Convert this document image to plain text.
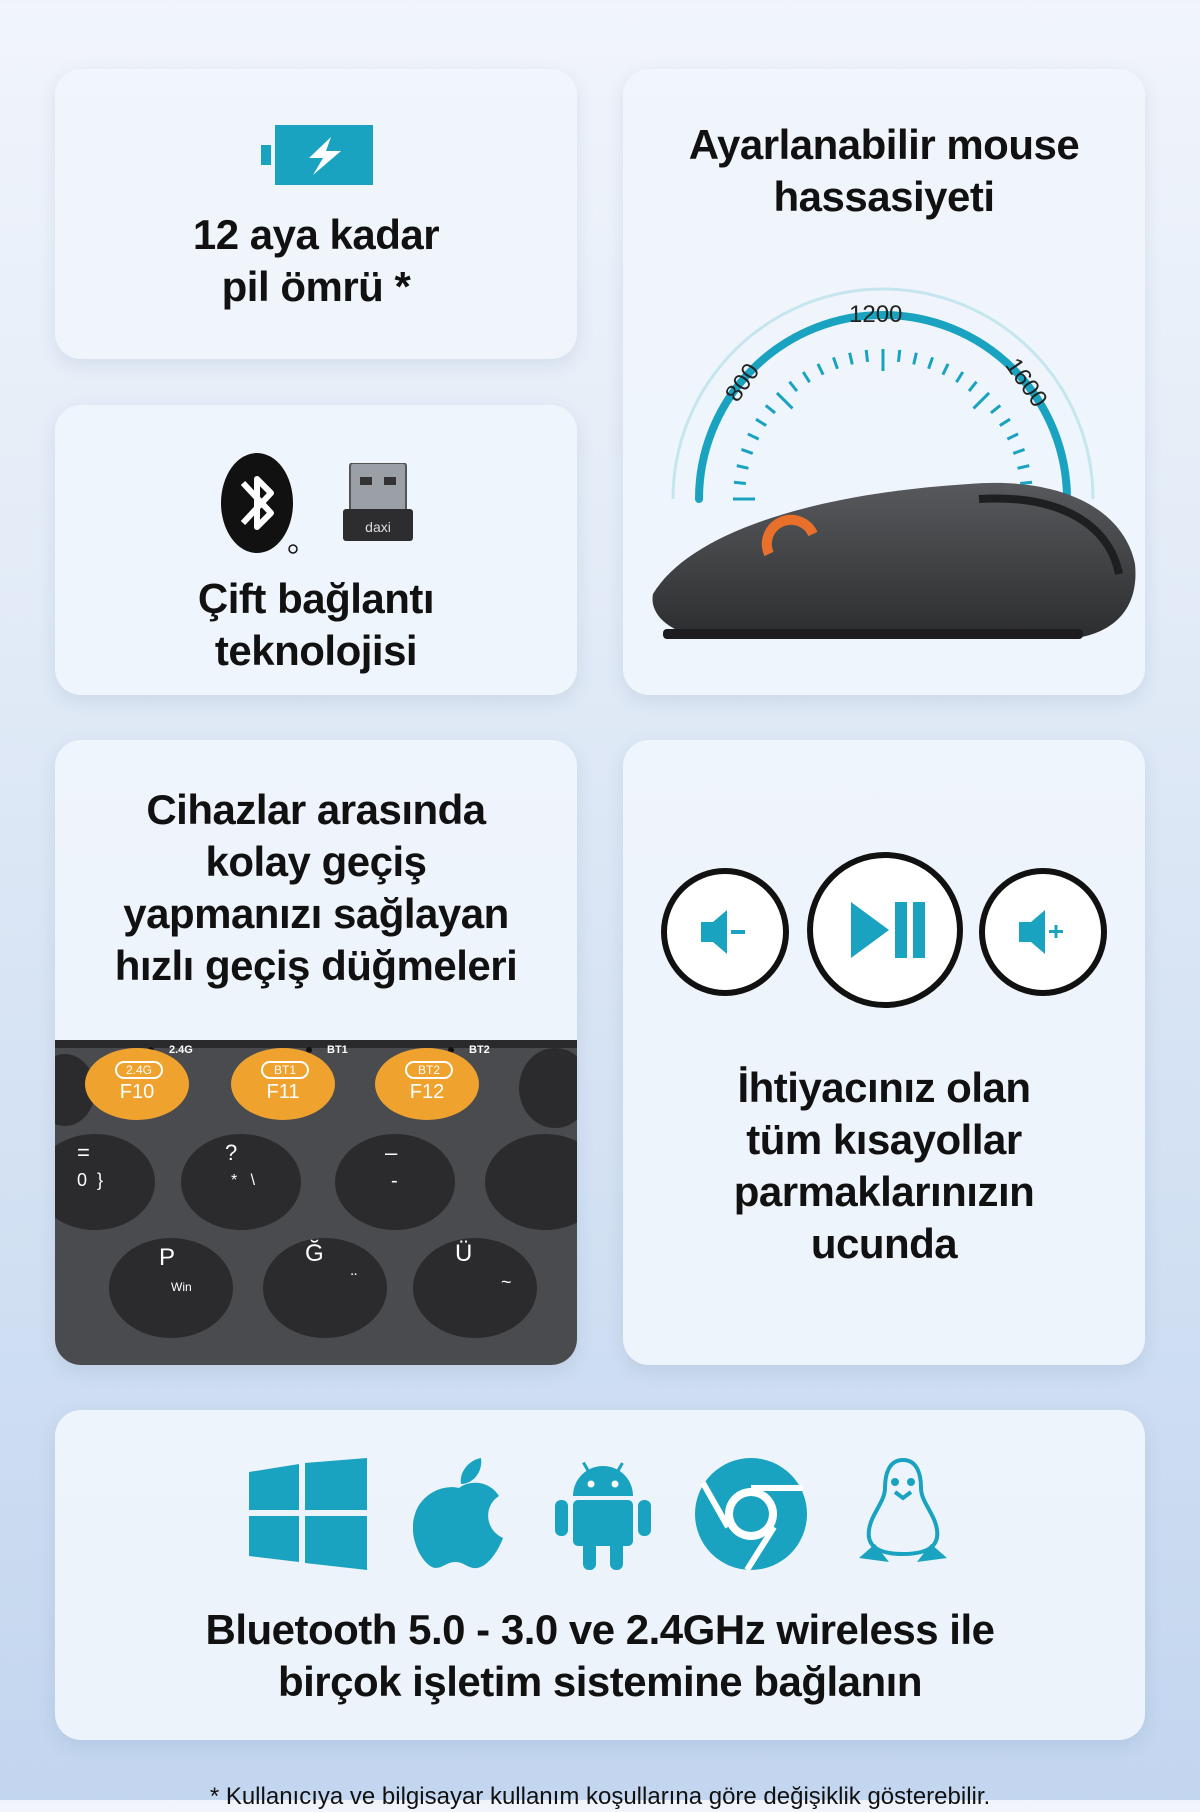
12 aya kadar
pil ömrü *
daxi
Çift bağlantı
teknolojisi
Ayarlanabilir mouse
hassasiyeti
800
1200
1600
Cihazlar arasında
kolay geçiş
yapmanızı sağlayan
hızlı geçiş düğmeleri
2.4G	BT1	BT2
2.4G
F10
BT1
F11
BT2
F12
=
0  }
?
*   \
–
-
P
Win
Ğ
¨
Ü
~
İhtiyacınız olan
tüm kısayollar
parmaklarınızın
ucunda
Bluetooth 5.0 - 3.0 ve 2.4GHz wireless ile
birçok işletim sistemine bağlanın
* Kullanıcıya ve bilgisayar kullanım koşullarına göre değişiklik gösterebilir.
